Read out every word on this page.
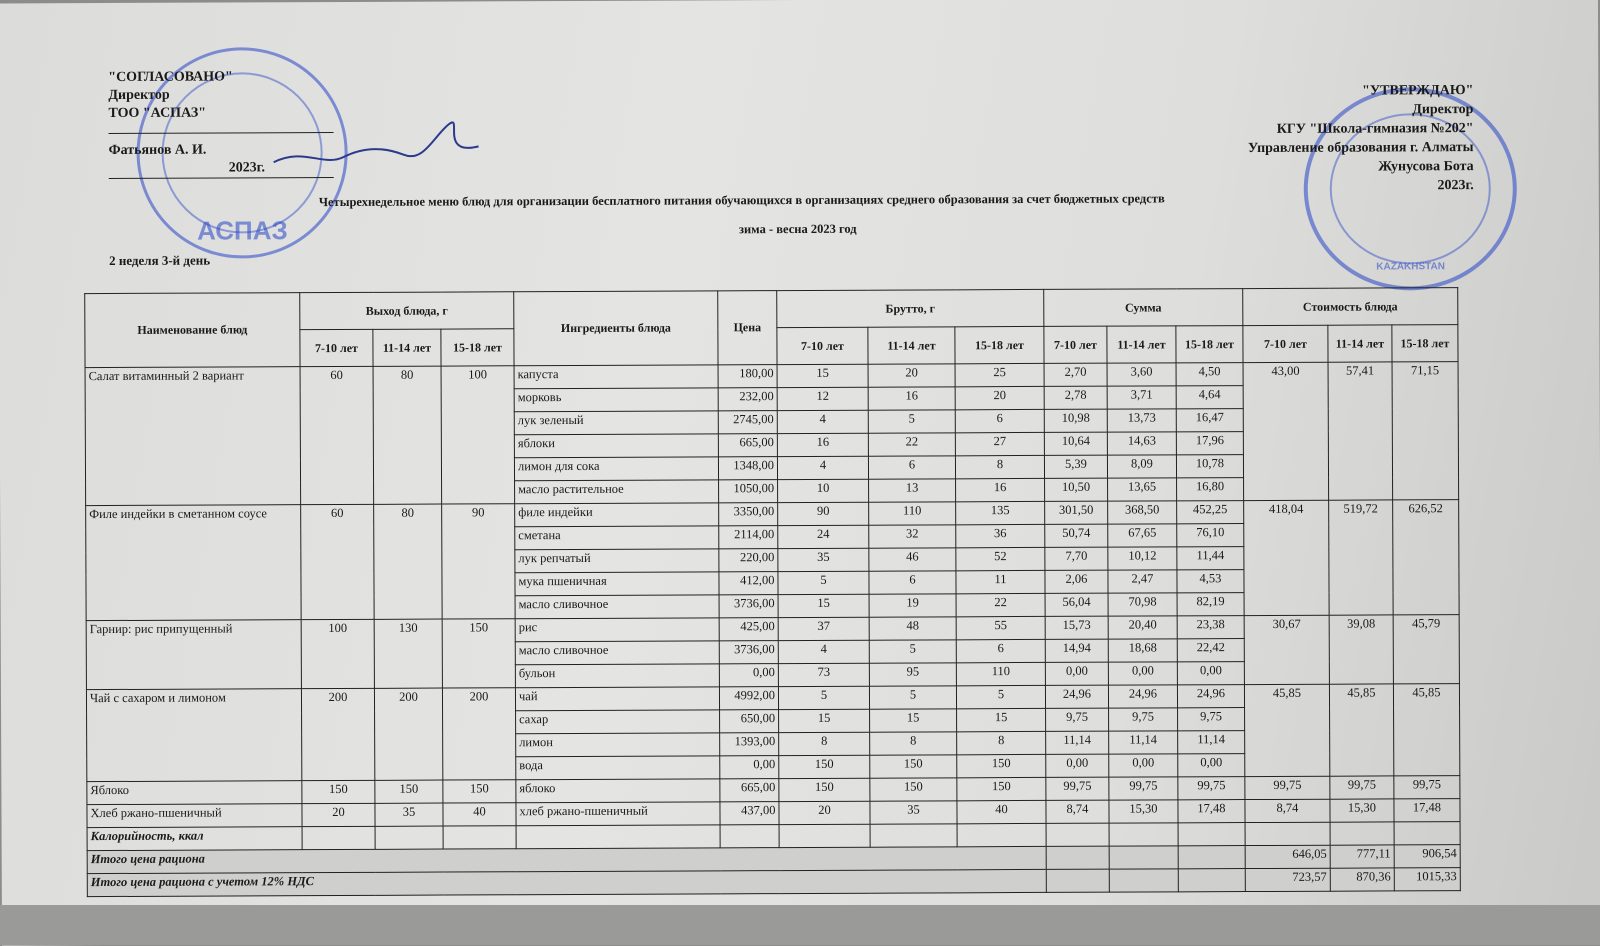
АСПАЗ
KAZAKHSTAN
"СОГЛАСОВАНО"
Директор
ТОО "АСПАЗ"
Фатьянов А. И.
2023г.
"УТВЕРЖДАЮ"
Директор
КГУ "Школа-гимназия №202"
Управление образования г. Алматы
Жунусова Бота
2023г.
Четырехнедельное меню блюд для организации бесплатного питания обучающихся в организациях среднего образования за счет бюджетных средств
зима - весна 2023 год
2 неделя 3-й день
Наименование блюд	Выход блюда, г			Ингредиенты блюда	Цена	Брутто, г			Сумма			Стоимость блюда		
	7-10 лет	11-14 лет	15-18 лет			7-10 лет	11-14 лет	15-18 лет	7-10 лет	11-14 лет	15-18 лет	7-10 лет	11-14 лет	15-18 лет
Салат витаминный 2 вариант	60	80	100	капуста	180,00	15	20	25	2,70	3,60	4,50	43,00	57,41	71,15
				морковь	232,00	12	16	20	2,78	3,71	4,64			
				лук зеленый	2745,00	4	5	6	10,98	13,73	16,47			
				яблоки	665,00	16	22	27	10,64	14,63	17,96			
				лимон для сока	1348,00	4	6	8	5,39	8,09	10,78			
				масло растительное	1050,00	10	13	16	10,50	13,65	16,80			
Филе индейки в сметанном соусе	60	80	90	филе индейки	3350,00	90	110	135	301,50	368,50	452,25	418,04	519,72	626,52
				сметана	2114,00	24	32	36	50,74	67,65	76,10			
				лук репчатый	220,00	35	46	52	7,70	10,12	11,44			
				мука пшеничная	412,00	5	6	11	2,06	2,47	4,53			
				масло сливочное	3736,00	15	19	22	56,04	70,98	82,19			
Гарнир: рис припущенный	100	130	150	рис	425,00	37	48	55	15,73	20,40	23,38	30,67	39,08	45,79
				масло сливочное	3736,00	4	5	6	14,94	18,68	22,42			
				бульон	0,00	73	95	110	0,00	0,00	0,00			
Чай с сахаром и лимоном	200	200	200	чай	4992,00	5	5	5	24,96	24,96	24,96	45,85	45,85	45,85
				сахар	650,00	15	15	15	9,75	9,75	9,75			
				лимон	1393,00	8	8	8	11,14	11,14	11,14			
				вода	0,00	150	150	150	0,00	0,00	0,00			
Яблоко	150	150	150	яблоко	665,00	150	150	150	99,75	99,75	99,75	99,75	99,75	99,75
Хлеб ржано-пшеничный	20	35	40	хлеб ржано-пшеничный	437,00	20	35	40	8,74	15,30	17,48	8,74	15,30	17,48
Калорийность, ккал														
Итого цена рациона												646,05	777,11	906,54
Итого цена рациона с учетом 12% НДС												723,57	870,36	1015,33
